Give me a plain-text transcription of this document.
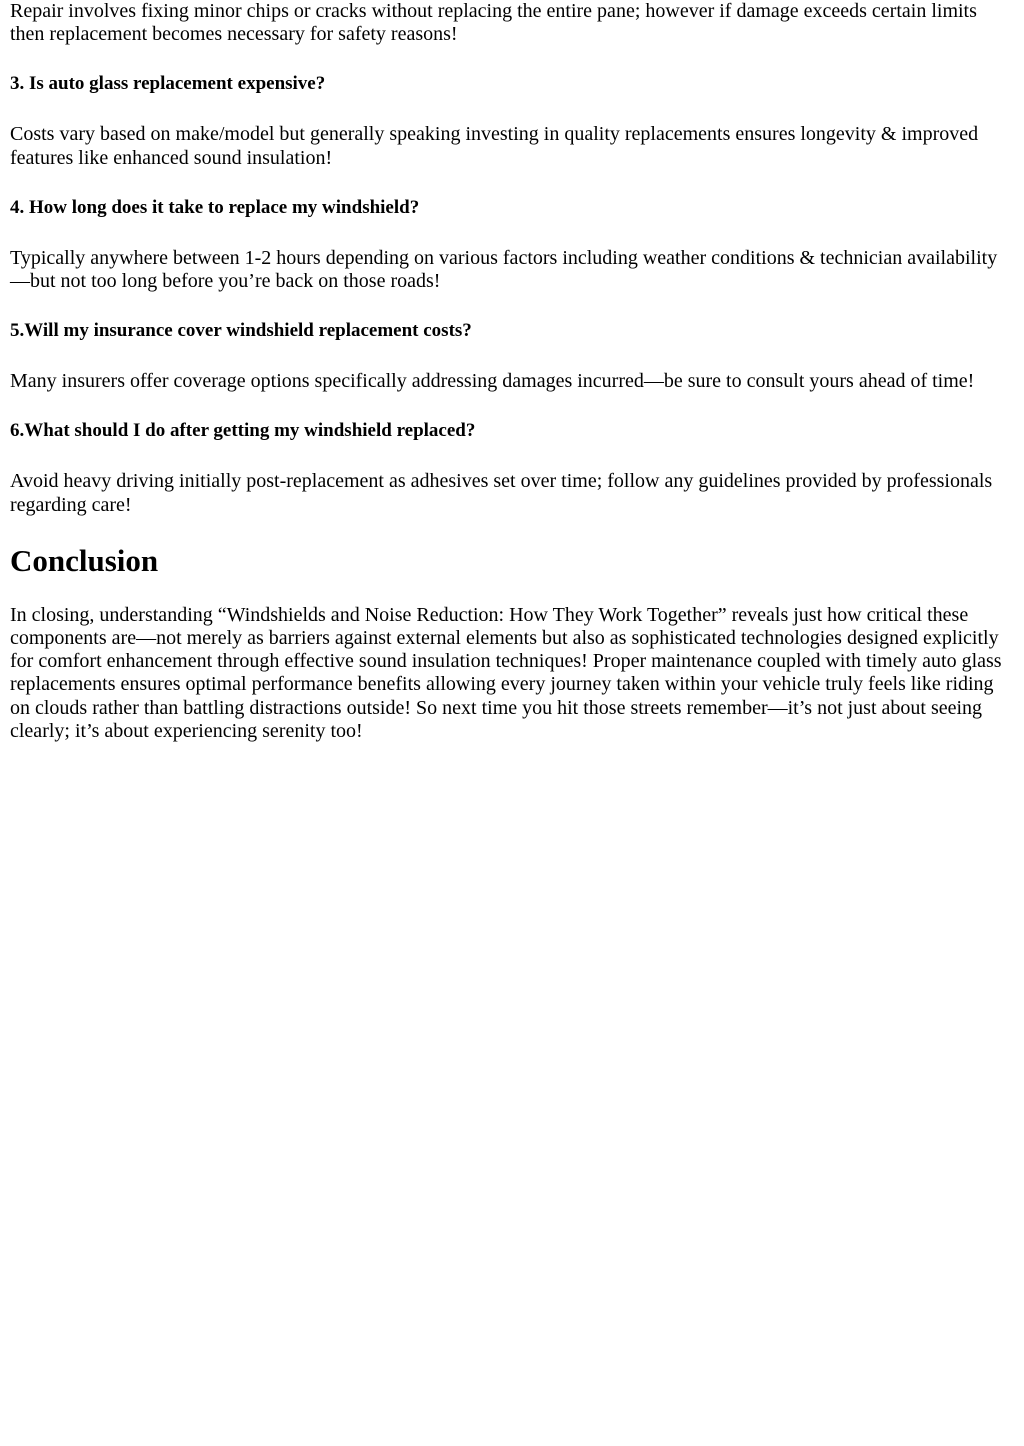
Repair involves fixing minor chips or cracks without replacing the entire pane; however if damage exceeds certain limits then replacement becomes necessary for safety reasons!

3. Is auto glass replacement expensive?

Costs vary based on make/model but generally speaking investing in quality replacements ensures longevity & improved features like enhanced sound insulation!

4. How long does it take to replace my windshield?

Typically anywhere between 1-2 hours depending on various factors including weather conditions & technician availability—but not too long before you’re back on those roads!

5.Will my insurance cover windshield replacement costs?

Many insurers offer coverage options specifically addressing damages incurred—be sure to consult yours ahead of time!

6.What should I do after getting my windshield replaced?

Avoid heavy driving initially post-replacement as adhesives set over time; follow any guidelines provided by professionals regarding care!

Conclusion

In closing, understanding “Windshields and Noise Reduction: How They Work Together” reveals just how critical these components are—not merely as barriers against external elements but also as sophisticated technologies designed explicitly for comfort enhancement through effective sound insulation techniques! Proper maintenance coupled with timely auto glass replacements ensures optimal performance benefits allowing every journey taken within your vehicle truly feels like riding on clouds rather than battling distractions outside! So next time you hit those streets remember—it’s not just about seeing clearly; it’s about experiencing serenity too!
